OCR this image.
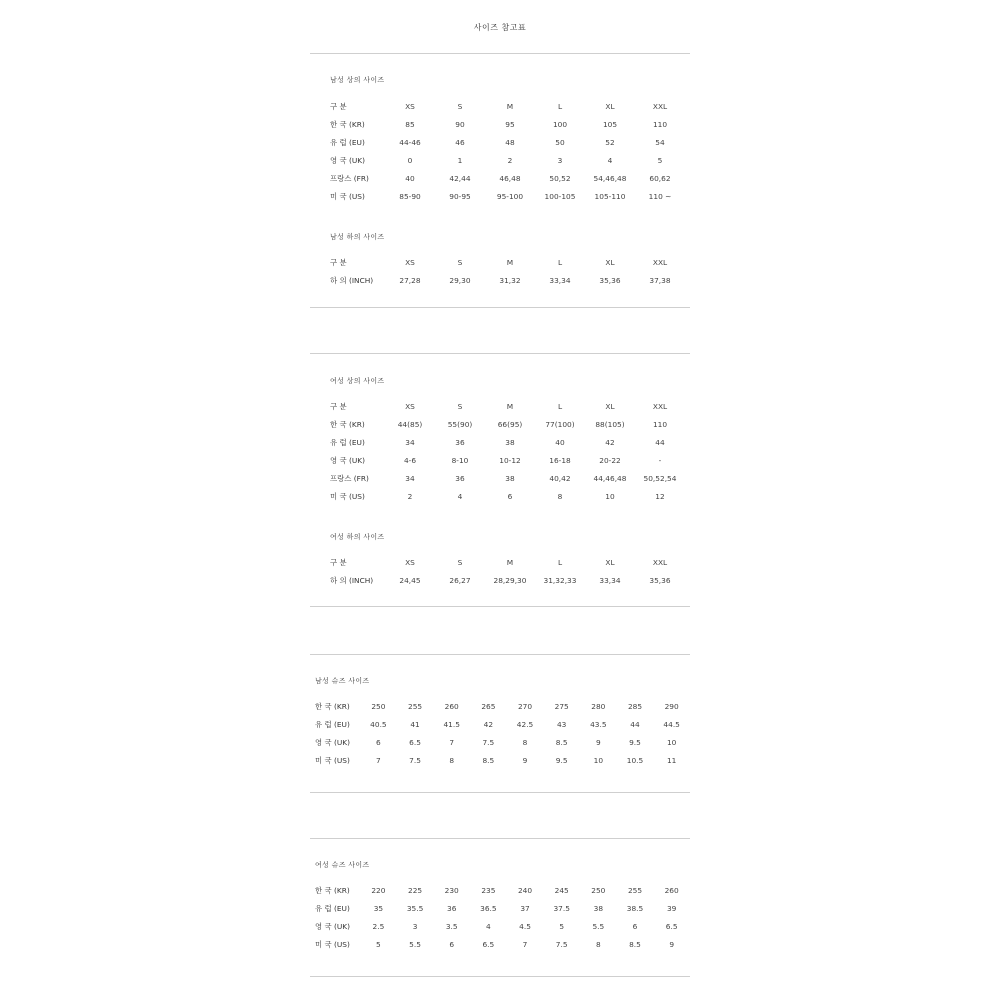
사이즈 참고표
남성 상의 사이즈
구 분	XS	S	M	L	XL	XXL
한 국 (KR)	85	90	95	100	105	110
유 럽 (EU)	44-46	46	48	50	52	54
영 국 (UK)	0	1	2	3	4	5
프랑스 (FR)	40	42,44	46,48	50,52	54,46,48	60,62
미 국 (US)	85-90	90-95	95-100	100-105	105-110	110 ~
남성 하의 사이즈
구 분	XS	S	M	L	XL	XXL
하 의 (INCH)	27,28	29,30	31,32	33,34	35,36	37,38
여성 상의 사이즈
구 분	XS	S	M	L	XL	XXL
한 국 (KR)	44(85)	55(90)	66(95)	77(100)	88(105)	110
유 럽 (EU)	34	36	38	40	42	44
영 국 (UK)	4-6	8-10	10-12	16-18	20-22	-
프랑스 (FR)	34	36	38	40,42	44,46,48	50,52,54
미 국 (US)	2	4	6	8	10	12
여성 하의 사이즈
구 분	XS	S	M	L	XL	XXL
하 의 (INCH)	24,45	26,27	28,29,30	31,32,33	33,34	35,36
남성 슈즈 사이즈
한 국 (KR)	250	255	260	265	270	275	280	285	290
유 럽 (EU)	40.5	41	41.5	42	42.5	43	43.5	44	44.5
영 국 (UK)	6	6.5	7	7.5	8	8.5	9	9.5	10
미 국 (US)	7	7.5	8	8.5	9	9.5	10	10.5	11
여성 슈즈 사이즈
한 국 (KR)	220	225	230	235	240	245	250	255	260
유 럽 (EU)	35	35.5	36	36.5	37	37.5	38	38.5	39
영 국 (UK)	2.5	3	3.5	4	4.5	5	5.5	6	6.5
미 국 (US)	5	5.5	6	6.5	7	7.5	8	8.5	9
